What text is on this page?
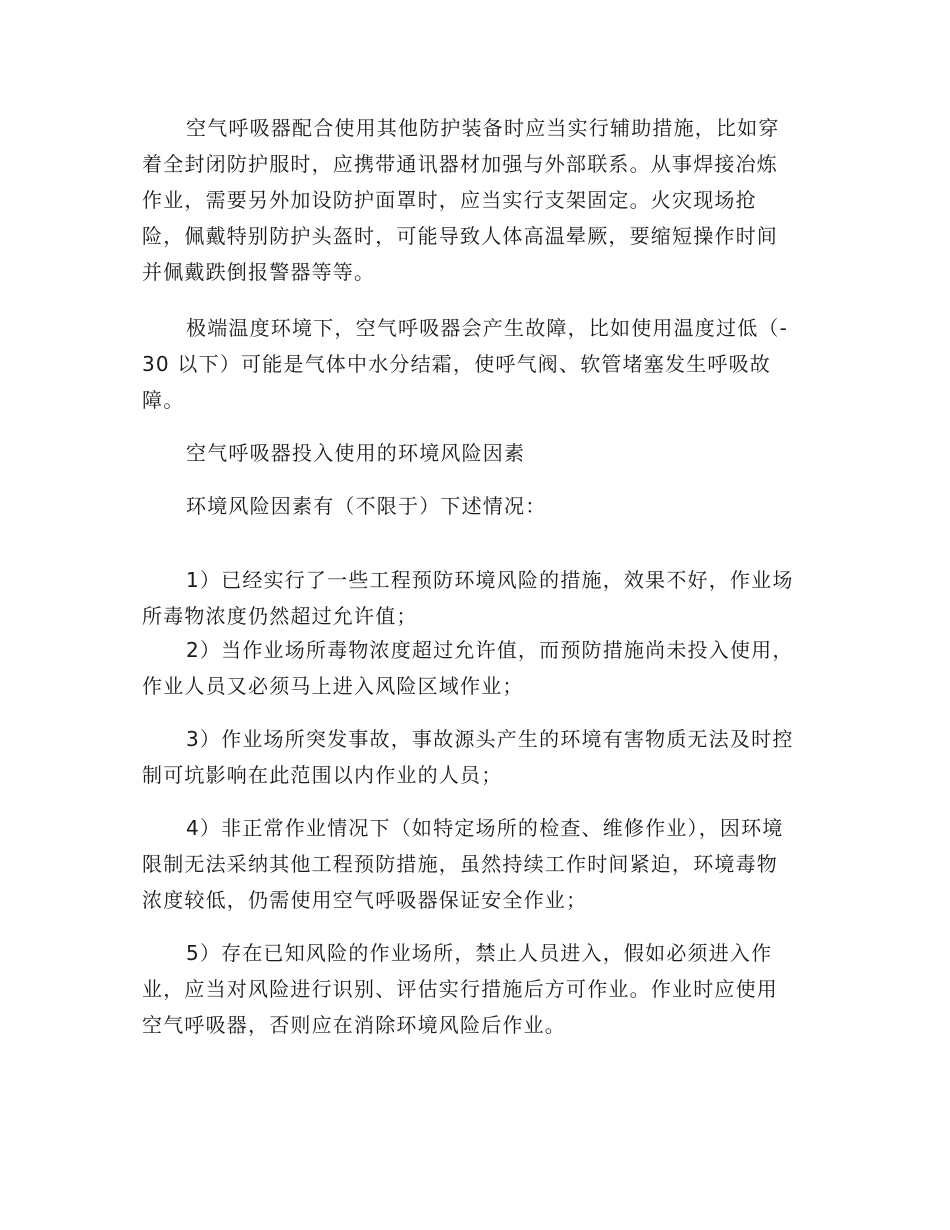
空气呼吸器配合使用其他防护装备时应当实行辅助措施，比如穿
着全封闭防护服时，应携带通讯器材加强与外部联系。从事焊接冶炼
作业，需要另外加设防护面罩时，应当实行支架固定。火灾现场抢
险，佩戴特别防护头盔时，可能导致人体高温晕厥，要缩短操作时间
并佩戴跌倒报警器等等。
极端温度环境下，空气呼吸器会产生故障，比如使用温度过低（-
30 以下）可能是气体中水分结霜，使呼气阀、软管堵塞发生呼吸故
障。
空气呼吸器投入使用的环境风险因素
环境风险因素有（不限于）下述情况：
1）已经实行了一些工程预防环境风险的措施，效果不好，作业场
所毒物浓度仍然超过允许值；
2）当作业场所毒物浓度超过允许值，而预防措施尚未投入使用，
作业人员又必须马上进入风险区域作业；
3）作业场所突发事故，事故源头产生的环境有害物质无法及时控
制可坑影响在此范围以内作业的人员；
4）非正常作业情况下（如特定场所的检查、维修作业），因环境
限制无法采纳其他工程预防措施，虽然持续工作时间紧迫，环境毒物
浓度较低，仍需使用空气呼吸器保证安全作业；
5）存在已知风险的作业场所，禁止人员进入，假如必须进入作
业，应当对风险进行识别、评估实行措施后方可作业。作业时应使用
空气呼吸器，否则应在消除环境风险后作业。
